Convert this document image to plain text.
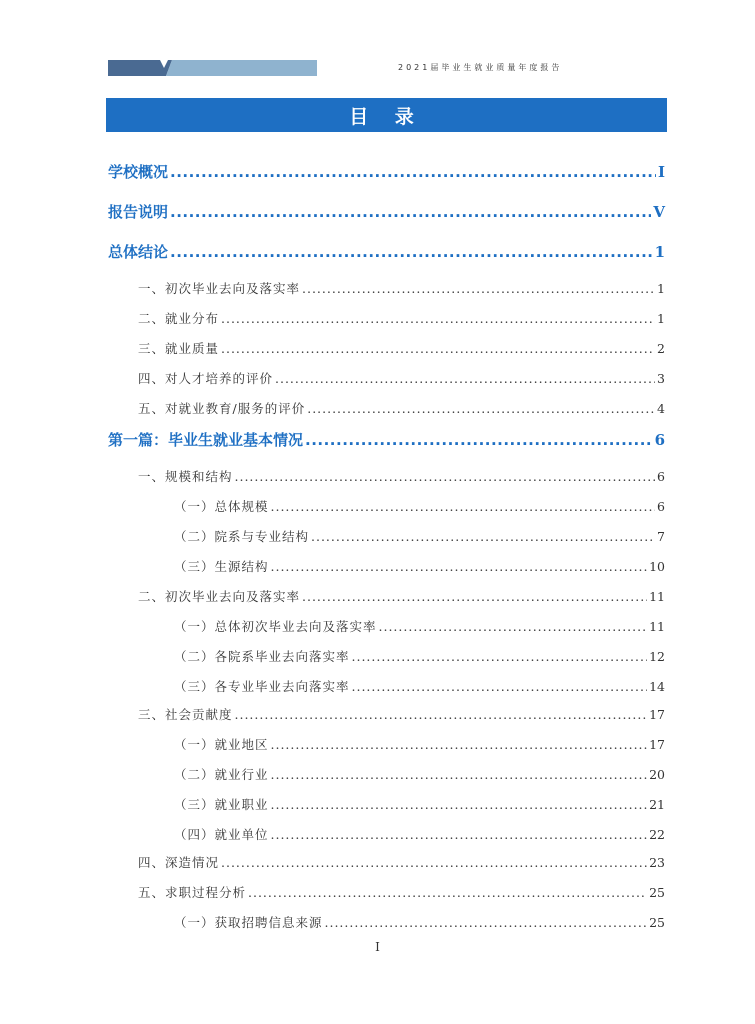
2021届毕业生就业质量年度报告
目 录
学校概况 .....	I
报告说明 .....	V
总体结论 .....	1
一、初次毕业去向及落实率 .....	1
二、就业分布 .....	1
三、就业质量 .....	2
四、对人才培养的评价 .....	3
五、对就业教育/服务的评价 .....	4
第一篇：毕业生就业基本情况 .....	6
一、规模和结构 .....	6
（一）总体规模 .....	6
（二）院系与专业结构 .....	7
（三）生源结构 .....	10
二、初次毕业去向及落实率 .....	11
（一）总体初次毕业去向及落实率 .....	11
（二）各院系毕业去向落实率 .....	12
（三）各专业毕业去向落实率 .....	14
三、社会贡献度 .....	17
（一）就业地区 .....	17
（二）就业行业 .....	20
（三）就业职业 .....	21
（四）就业单位 .....	22
四、深造情况 .....	23
五、求职过程分析 .....	25
（一）获取招聘信息来源 .....	25
I
